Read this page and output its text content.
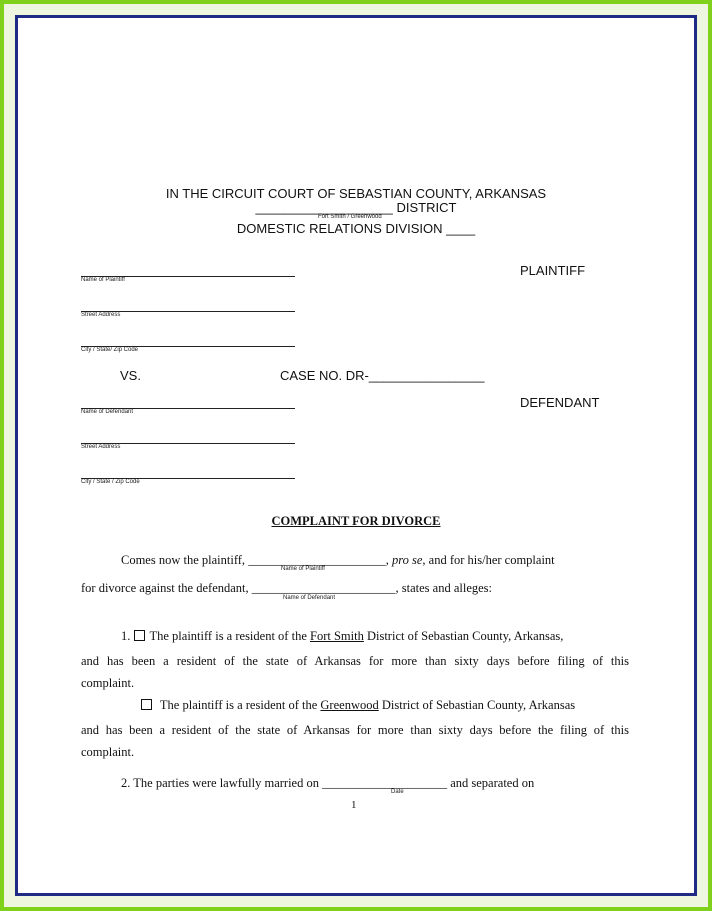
IN THE CIRCUIT COURT OF SEBASTIAN COUNTY, ARKANSAS
___________________ DISTRICT
Fort Smith / Greenwood
DOMESTIC RELATIONS DIVISION ____
Name of Plaintiff
PLAINTIFF
Street Address
City / State/ Zip Code
VS.	CASE NO. DR-________________
Name of Defendant
DEFENDANT
Street Address
City / State / Zip Code
COMPLAINT FOR DIVORCE
Comes now the plaintiff, ______________________, pro se, and for his/her complaint
Name of Plaintiff
for divorce against the defendant, _______________________, states and alleges:
Name of Defendant
1. The plaintiff is a resident of the Fort Smith District of Sebastian County, Arkansas,
and has been a resident of the state of Arkansas for more than sixty days before filing of this
complaint.
The plaintiff is a resident of the Greenwood District of Sebastian County, Arkansas
and has been a resident of the state of Arkansas for more than sixty days before the filing of this
complaint.
2. The parties were lawfully married on ____________________ and separated on
Date
1
